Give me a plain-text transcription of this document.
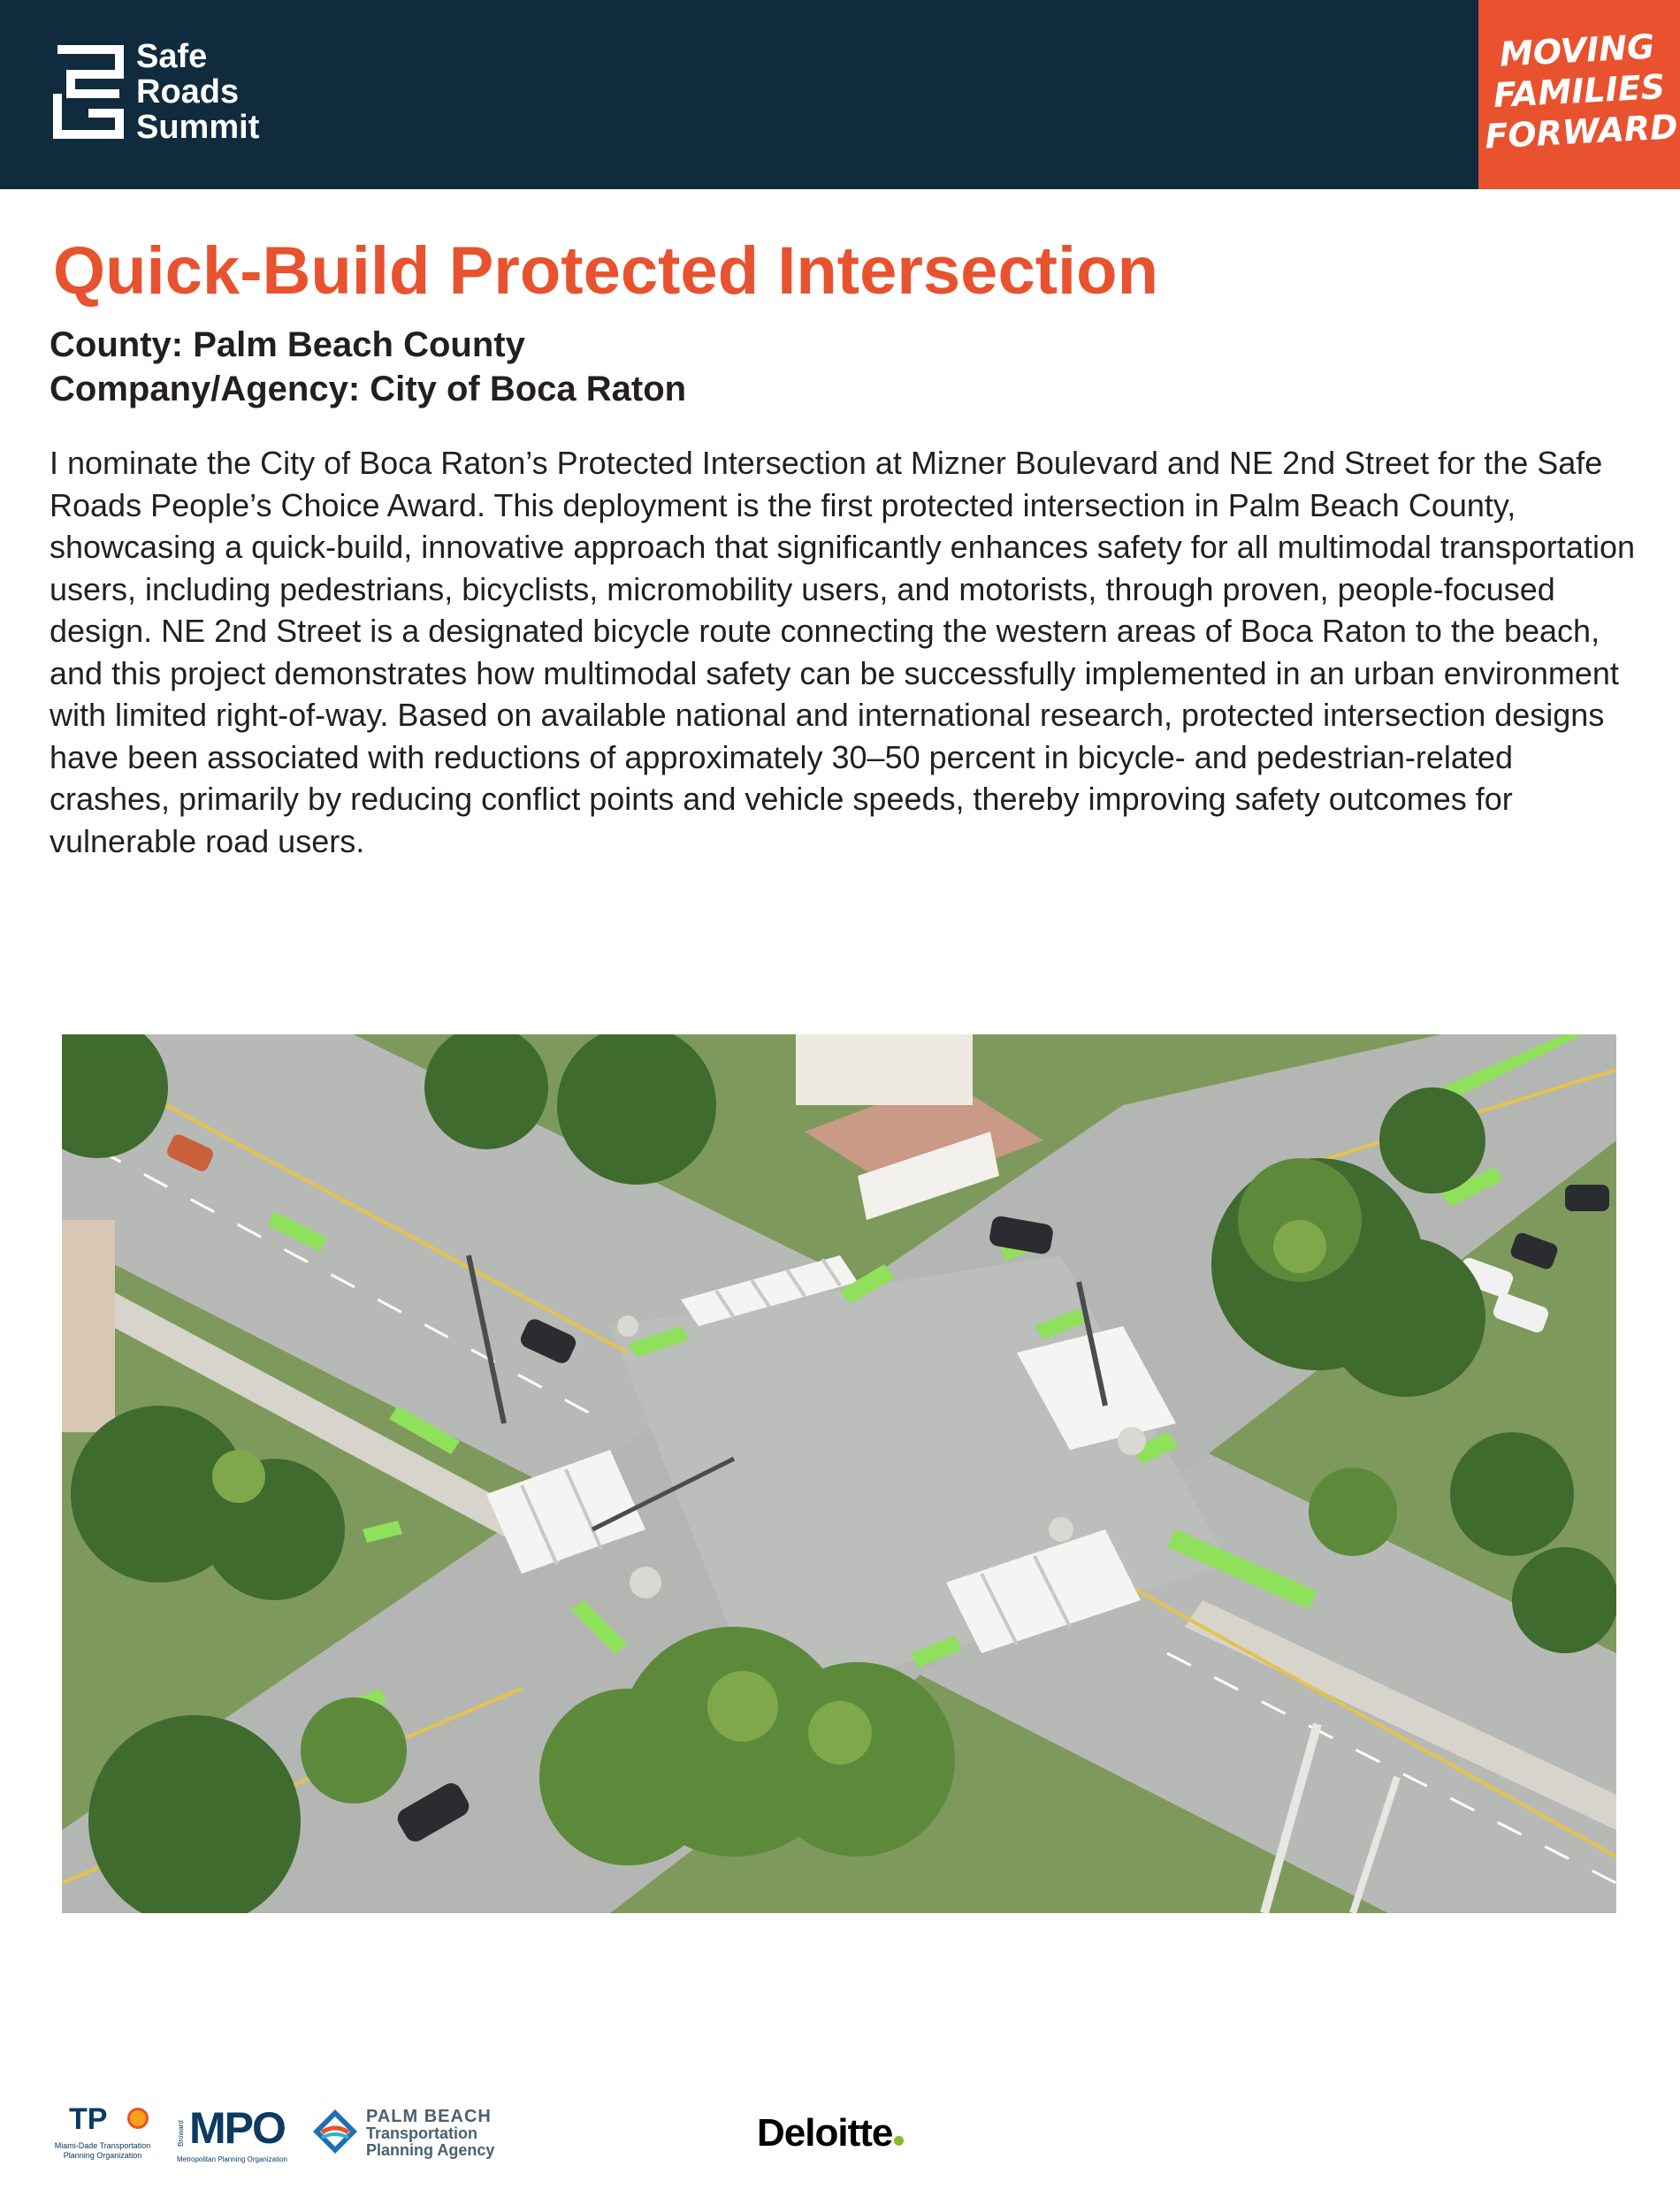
Safe
Roads
Summit
MOVING
FAMILIES
FORWARD
Quick-Build Protected Intersection
County: Palm Beach County
Company/Agency: City of Boca Raton

I nominate the City of Boca Raton’s Protected Intersection at Mizner Boulevard and NE 2nd Street for the Safe Roads People’s Choice Award. This deployment is the first protected intersection in Palm Beach County, showcasing a quick-build, innovative approach that significantly enhances safety for all multimodal transportation users, including pedestrians, bicyclists, micromobility users, and motorists, through proven, people-focused design. NE 2nd Street is a designated bicycle route connecting the western areas of Boca Raton to the beach, and this project demonstrates how multimodal safety can be successfully implemented in an urban environment with limited right-of-way. Based on available national and international research, protected intersection designs have been associated with reductions of approximately 30–50 percent in bicycle- and pedestrian-related crashes, primarily by reducing conflict points and vehicle speeds, thereby improving safety outcomes for vulnerable road users.

TP
Miami-Dade Transportation
Planning Organization
Broward MPO
Metropolitan Planning Organization
PALM BEACH
Transportation
Planning Agency	Deloitte
